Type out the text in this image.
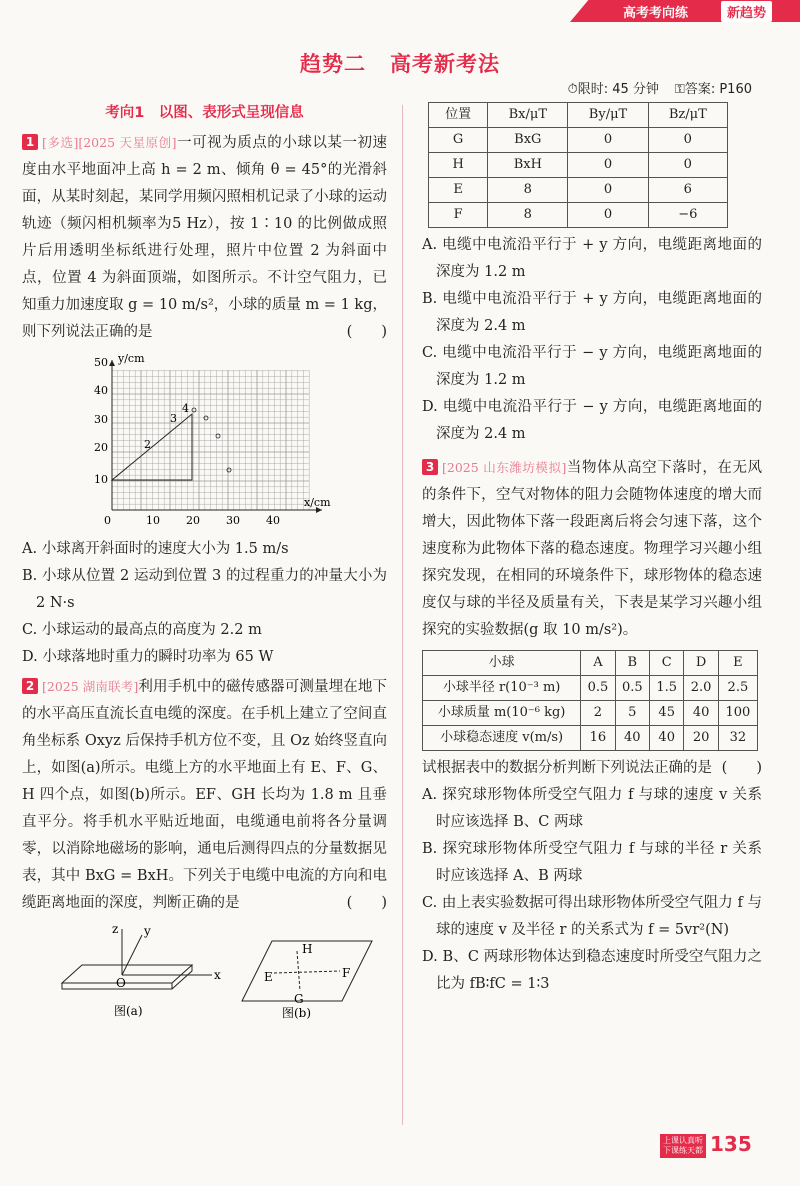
高考考向练	新趋势
趋势二 高考新考法
⏱限时: 45 分钟 ⚿答案: P160
考向1　以图、表形式呈现信息

1 [多选][2025 天星原创]一可视为质点的小球以某一初速度由水平地面冲上高 h = 2 m、倾角 θ = 45°的光滑斜面，从某时刻起，某同学用频闪照相机记录了小球的运动轨迹（频闪相机频率为5 Hz），按 1∶10 的比例做成照片后用透明坐标纸进行处理，照片中位置 2 为斜面中点，位置 4 为斜面顶端，如图所示。不计空气阻力，已知重力加速度取 g = 10 m/s²，小球的质量 m = 1 kg，则下列说法正确的是	(　　)

y/cm
x/cm
0	10 20 30 40
10
20
30
40
50
2
3
4

A. 小球离开斜面时的速度大小为 1.5 m/s

B. 小球从位置 2 运动到位置 3 的过程重力的冲量大小为 2 N·s

C. 小球运动的最高点的高度为 2.2 m

D. 小球落地时重力的瞬时功率为 65 W

2 [2025 湖南联考]利用手机中的磁传感器可测量埋在地下的水平高压直流长直电缆的深度。在手机上建立了空间直角坐标系 Oxyz 后保持手机方位不变，且 Oz 始终竖直向上，如图(a)所示。电缆上方的水平地面上有 E、F、G、H 四个点，如图(b)所示。EF、GH 长均为 1.8 m 且垂直平分。将手机水平贴近地面，电缆通电前将各分量调零，以消除地磁场的影响，通电后测得四点的分量数据见表，其中 BxG = BxH。下列关于电缆中电流的方向和电缆距离地面的深度，判断正确的是	(　　)

z y
x
O
图(a)
H
E	F
G
图(b)
位置	Bx/μT	By/μT	Bz/μT
G	BxG	0	0
H	BxH	0	0
E	8	0	6
F	8	0	−6

A. 电缆中电流沿平行于 + y 方向，电缆距离地面的深度为 1.2 m

B. 电缆中电流沿平行于 + y 方向，电缆距离地面的深度为 2.4 m

C. 电缆中电流沿平行于 − y 方向，电缆距离地面的深度为 1.2 m

D. 电缆中电流沿平行于 − y 方向，电缆距离地面的深度为 2.4 m

3 [2025 山东潍坊模拟]当物体从高空下落时，在无风的条件下，空气对物体的阻力会随物体速度的增大而增大，因此物体下落一段距离后将会匀速下落，这个速度称为此物体下落的稳态速度。物理学习兴趣小组探究发现，在相同的环境条件下，球形物体的稳态速度仅与球的半径及质量有关，下表是某学习兴趣小组探究的实验数据(g 取 10 m/s²)。

小球	A	B	C	D	E
小球半径 r(10⁻³ m)	0.5	0.5	1.5	2.0	2.5
小球质量 m(10⁻⁶ kg)	2	5	45	40	100
小球稳态速度 v(m/s)	16	40	40	20	32

试根据表中的数据分析判断下列说法正确的是 (　　)

A. 探究球形物体所受空气阻力 f 与球的速度 v 关系时应该选择 B、C 两球

B. 探究球形物体所受空气阻力 f 与球的半径 r 关系时应该选择 A、B 两球

C. 由上表实验数据可得出球形物体所受空气阻力 f 与球的速度 v 及半径 r 的关系式为 f = 5vr²(N)

D. B、C 两球形物体达到稳态速度时所受空气阻力之比为 fB∶fC = 1∶3

上课认真听
下课练天都 135
